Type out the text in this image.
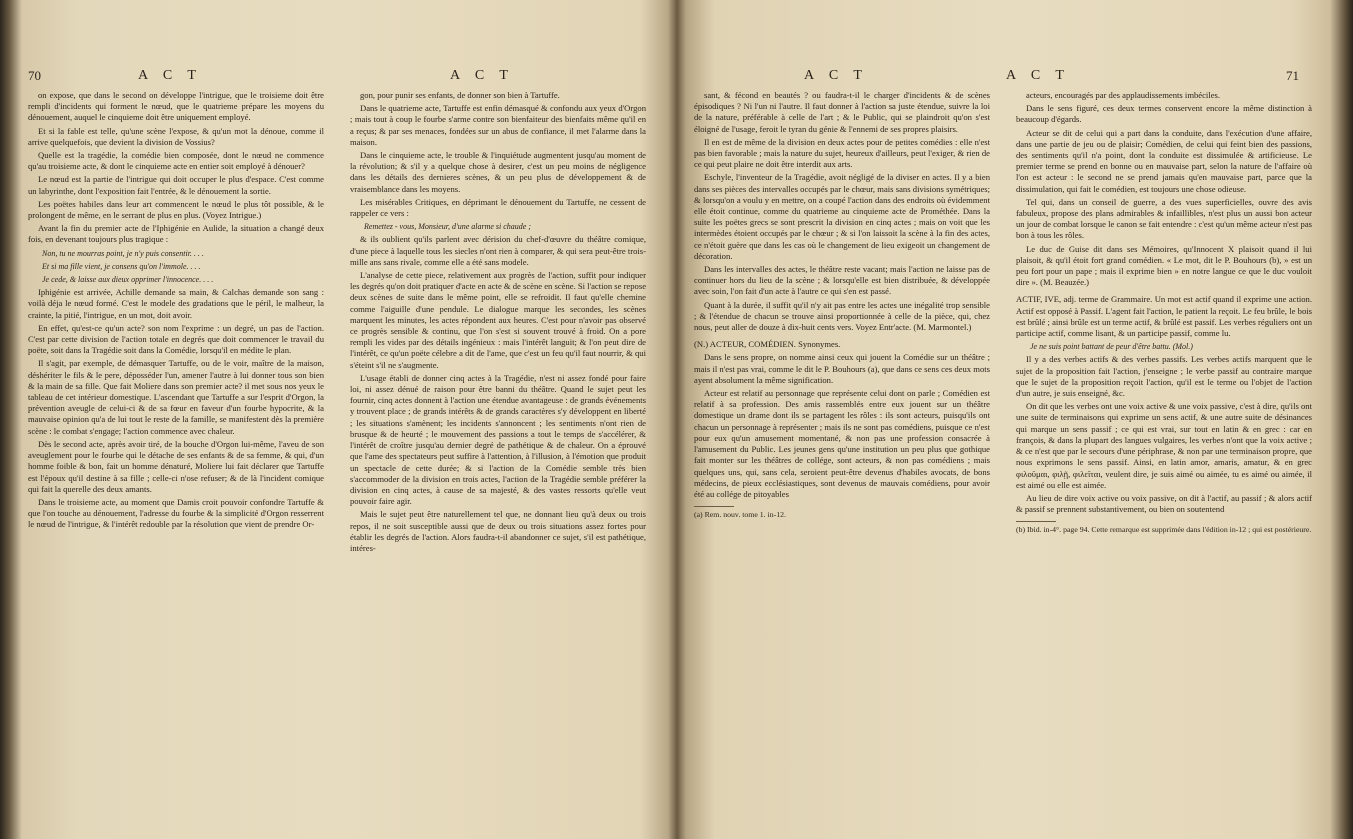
70	A C T	A C T

on expose, que dans le second on développe l'intrigue, que le troisieme doit être rempli d'incidents qui forment le nœud, que le quatrieme prépare les moyens du dénouement, auquel le cinquieme doit être uniquement employé.

Et si la fable est telle, qu'une scène l'expose, & qu'un mot la dénoue, comme il arrive quelquefois, que devient la division de Vossius?

Quelle est la tragédie, la comédie bien composée, dont le nœud ne commence qu'au troisieme acte, & dont le cinquieme acte en entier soit employé à dénouer?

Le nœud est la partie de l'intrigue qui doit occuper le plus d'espace. C'est comme un labyrinthe, dont l'exposition fait l'entrée, & le dénouement la sortie.

Les poëtes habiles dans leur art commencent le nœud le plus tôt possible, & le prolongent de même, en le serrant de plus en plus. (Voyez Intrigue.)

Avant la fin du premier acte de l'Iphigénie en Aulide, la situation a changé deux fois, en devenant toujours plus tragique :

Non, tu ne mourras point, je n'y puis consentir. . . .

Et si ma fille vient, je consens qu'on l'immole. . . .

Je cede, & laisse aux dieux opprimer l'innocence. . . .

Iphigénie est arrivée, Achille demande sa main, & Calchas demande son sang : voilà déja le nœud formé. C'est le modele des gradations que le péril, le malheur, la crainte, la pitié, l'intrigue, en un mot, doit avoir.

En effet, qu'est-ce qu'un acte? son nom l'exprime : un degré, un pas de l'action. C'est par cette division de l'action totale en degrés que doit commencer le travail du poëte, soit dans la Tragédie soit dans la Comédie, lorsqu'il en médite le plan.

Il s'agit, par exemple, de démasquer Tartuffe, ou de le voir, maître de la maison, déshériter le fils & le pere, déposséder l'un, amener l'autre à lui donner tous son bien & la main de sa fille. Que fait Moliere dans son premier acte? il met sous nos yeux le tableau de cet intérieur domestique. L'ascendant que Tartuffe a sur l'esprit d'Orgon, la prévention aveugle de celui-ci & de sa fœur en faveur d'un fourbe hypocrite, & la mauvaise opinion qu'a de lui tout le reste de la famille, se manifestent dès la première scène : le combat s'engage; l'action commence avec chaleur.

Dès le second acte, après avoir tiré, de la bouche d'Orgon lui-même, l'aveu de son aveuglement pour le fourbe qui le détache de ses enfants & de sa femme, & qui, d'un homme foible & bon, fait un homme dénaturé, Moliere lui fait déclarer que Tartuffe est l'époux qu'il destine à sa fille ; celle-ci n'ose refuser; & de là l'incident comique qui fait la querelle des deux amants.

Dans le troisieme acte, au moment que Damis croit pouvoir confondre Tartuffe & que l'on touche au dénouement, l'adresse du fourbe & la simplicité d'Orgon resserrent le nœud de l'intrigue, & l'intérêt redouble par la résolution que vient de prendre Or-

gon, pour punir ses enfants, de donner son bien à Tartuffe.

Dans le quatrieme acte, Tartuffe est enfin démasqué & confondu aux yeux d'Orgon ; mais tout à coup le fourbe s'arme contre son bienfaiteur des bienfaits même qu'il en a reçus; & par ses menaces, fondées sur un abus de confiance, il met l'alarme dans la maison.

Dans le cinquieme acte, le trouble & l'inquiétude augmentent jusqu'au moment de la révolution; & s'il y a quelque chose à desirer, c'est un peu moins de négligence dans les détails des dernieres scènes, & un peu plus de développement & de vraisemblance dans les moyens.

Les misérables Critiques, en déprimant le dénouement du Tartuffe, ne cessent de rappeler ce vers :

Remettez - vous, Monsieur, d'une alarme si chaude ;

& ils oublient qu'ils parlent avec dérision du chef-d'œuvre du théâtre comique, d'une piece à laquelle tous les siecles n'ont rien à comparer, & qui sera peut-être trois-mille ans sans rivale, comme elle a été sans modele.

L'analyse de cette piece, relativement aux progrès de l'action, suffit pour indiquer les degrés qu'on doit pratiquer d'acte en acte & de scène en scène. Si l'action se repose deux scènes de suite dans le même point, elle se refroidit. Il faut qu'elle chemine comme l'aiguille d'une pendule. Le dialogue marque les secondes, les scènes marquent les minutes, les actes répondent aux heures. C'est pour n'avoir pas observé ce progrès sensible & continu, que l'on s'est si souvent trouvé à froid. On a pore rempli les vides par des détails ingénieux : mais l'intérêt languit; & l'on peut dire de l'intérêt, ce qu'un poëte célebre a dit de l'ame, que c'est un feu qu'il faut nourrir, & qui s'éteint s'il ne s'augmente.

L'usage établi de donner cinq actes à la Tragédie, n'est ni assez fondé pour faire loi, ni assez dénué de raison pour être banni du théâtre. Quand le sujet peut les fournir, cinq actes donnent à l'action une étendue avantageuse : de grands événements y trouvent place ; de grands intérêts & de grands caractères s'y développent en liberté ; les situations s'amènent; les incidents s'annoncent ; les sentiments n'ont rien de brusque & de heurté ; le mouvement des passions a tout le temps de s'accélérer, & l'intérêt de croître jusqu'au dernier degré de pathétique & de chaleur. On a éprouvé que l'ame des spectateurs peut suffire à l'attention, à l'illusion, à l'émotion que produit un spectacle de cette durée; & si l'action de la Comédie semble très bien s'accommoder de la division en trois actes, l'action de la Tragédie semble préférer la division en cinq actes, à cause de sa majesté, & des vastes ressorts qu'elle veut pouvoir faire agir.

Mais le sujet peut être naturellement tel que, ne donnant lieu qu'à deux ou trois repos, il ne soit susceptible aussi que de deux ou trois situations assez fortes pour établir les degrés de l'action. Alors faudra-t-il abandonner ce sujet, s'il est pathétique, intéres-

A C T	A C T	71

sant, & fécond en beautés ? ou faudra-t-il le charger d'incidents & de scènes épisodiques ? Ni l'un ni l'autre. Il faut donner à l'action sa juste étendue, suivre la loi de la nature, préférable à celle de l'art ; & le Public, qui se plaindroit qu'on s'est éloigné de l'usage, feroit le tyran du génie & l'ennemi de ses propres plaisirs.

Il en est de même de la division en deux actes pour de petites comédies : elle n'est pas bien favorable ; mais la nature du sujet, heureux d'ailleurs, peut l'exiger, & rien de ce qui peut plaire ne doit être interdit aux arts.

Eschyle, l'inventeur de la Tragédie, avoit négligé de la diviser en actes. Il y a bien dans ses pièces des intervalles occupés par le chœur, mais sans divisions symétriques; & lorsqu'on a voulu y en mettre, on a coupé l'action dans des endroits où évidemment elle étoit continue, comme du quatrieme au cinquieme acte de Prométhée. Dans la suite les poëtes grecs se sont prescrit la division en cinq actes ; mais on voit que les intermèdes étoient occupés par le chœur ; & si l'on laissoit la scène à la fin des actes, ce n'étoit guère que dans les cas où le changement de lieu exigeoit un changement de décoration.

Dans les intervalles des actes, le théâtre reste vacant; mais l'action ne laisse pas de continuer hors du lieu de la scène ; & lorsqu'elle est bien distribuée, & développée avec soin, l'on fait d'un acte à l'autre ce qui s'en est passé.

Quant à la durée, il suffit qu'il n'y ait pas entre les actes une inégalité trop sensible ; & l'étendue de chacun se trouve ainsi proportionnée à celle de la pièce, qui, chez nous, peut aller de douze à dix-huit cents vers. Voyez Entr'acte. (M. Marmontel.)

(N.) ACTEUR, COMÉDIEN. Synonymes.

Dans le sens propre, on nomme ainsi ceux qui jouent la Comédie sur un théâtre ; mais il n'est pas vrai, comme le dit le P. Bouhours (a), que dans ce sens ces deux mots ayent absolument la même signification.

Acteur est relatif au personnage que représente celui dont on parle ; Comédien est relatif à sa profession. Des amis rassemblés entre eux jouent sur un théâtre domestique un drame dont ils se partagent les rôles : ils sont acteurs, puisqu'ils ont chacun un personnage à représenter ; mais ils ne sont pas comédiens, puisque ce n'est pour eux qu'un amusement momentané, & non pas une profession consacrée à l'amusement du Public. Les jeunes gens qu'une institution un peu plus que gothique fait monter sur les théâtres de collége, sont acteurs, & non pas comédiens ; mais quelques uns, qui, sans cela, seroient peut-être devenus d'habiles avocats, de bons médecins, de pieux ecclésiastiques, sont devenus de mauvais comédiens, pour avoir été au collége de pitoyables

(a) Rem. nouv. tome 1. in-12.

acteurs, encouragés par des applaudissements imbéciles.

Dans le sens figuré, ces deux termes conservent encore la même distinction à beaucoup d'égards.

Acteur se dit de celui qui a part dans la conduite, dans l'exécution d'une affaire, dans une partie de jeu ou de plaisir; Comédien, de celui qui feint bien des passions, des sentiments qu'il n'a point, dont la conduite est dissimulée & artificieuse. Le premier terme se prend en bonne ou en mauvaise part, selon la nature de l'affaire où l'on est acteur : le second ne se prend jamais qu'en mauvaise part, parce que la dissimulation, qui fait le comédien, est toujours une chose odieuse.

Tel qui, dans un conseil de guerre, a des vues superficielles, ouvre des avis fabuleux, propose des plans admirables & infaillibles, n'est plus un aussi bon acteur un jour de combat lorsque le canon se fait entendre : c'est qu'un même acteur n'est pas bon à tous les rôles.

Le duc de Guise dit dans ses Mémoires, qu'Innocent X plaisoit quand il lui plaisoit, & qu'il étoit fort grand comédien. « Le mot, dit le P. Bouhours (b), » est un peu fort pour un pape ; mais il exprime bien » en notre langue ce que le duc vouloit dire ». (M. Beauzée.)

ACTIF, IVE, adj. terme de Grammaire. Un mot est actif quand il exprime une action. Actif est opposé à Passif. L'agent fait l'action, le patient la reçoit. Le feu brûle, le bois est brûlé ; ainsi brûle est un terme actif, & brûlé est passif. Les verbes réguliers ont un participe actif, comme lisant, & un participe passif, comme lu.

Je ne suis point battant de peur d'être battu. (Mol.)

Il y a des verbes actifs & des verbes passifs. Les verbes actifs marquent que le sujet de la proposition fait l'action, j'enseigne ; le verbe passif au contraire marque que le sujet de la proposition reçoit l'action, qu'il est le terme ou l'objet de l'action d'un autre, je suis enseigné, &c.

On dit que les verbes ont une voix active & une voix passive, c'est à dire, qu'ils ont une suite de terminaisons qui exprime un sens actif, & une autre suite de désinances qui marque un sens passif ; ce qui est vrai, sur tout en latin & en grec : car en françois, & dans la plupart des langues vulgaires, les verbes n'ont que la voix active ; & ce n'est que par le secours d'une périphrase, & non par une terminaison propre, que nous exprimons le sens passif. Ainsi, en latin amor, amaris, amatur, & en grec φιλοῦμαι, φιλῇ, φιλεῖται, veulent dire, je suis aimé ou aimée, tu es aimé ou aimée, il est aimé ou elle est aimée.

Au lieu de dire voix active ou voix passive, on dit à l'actif, au passif ; & alors actif & passif se prennent substantivement, ou bien on soutentend

(b) Ibid. in-4°. page 94. Cette remarque est supprimée dans l'édition in-12 ; qui est postérieure.
